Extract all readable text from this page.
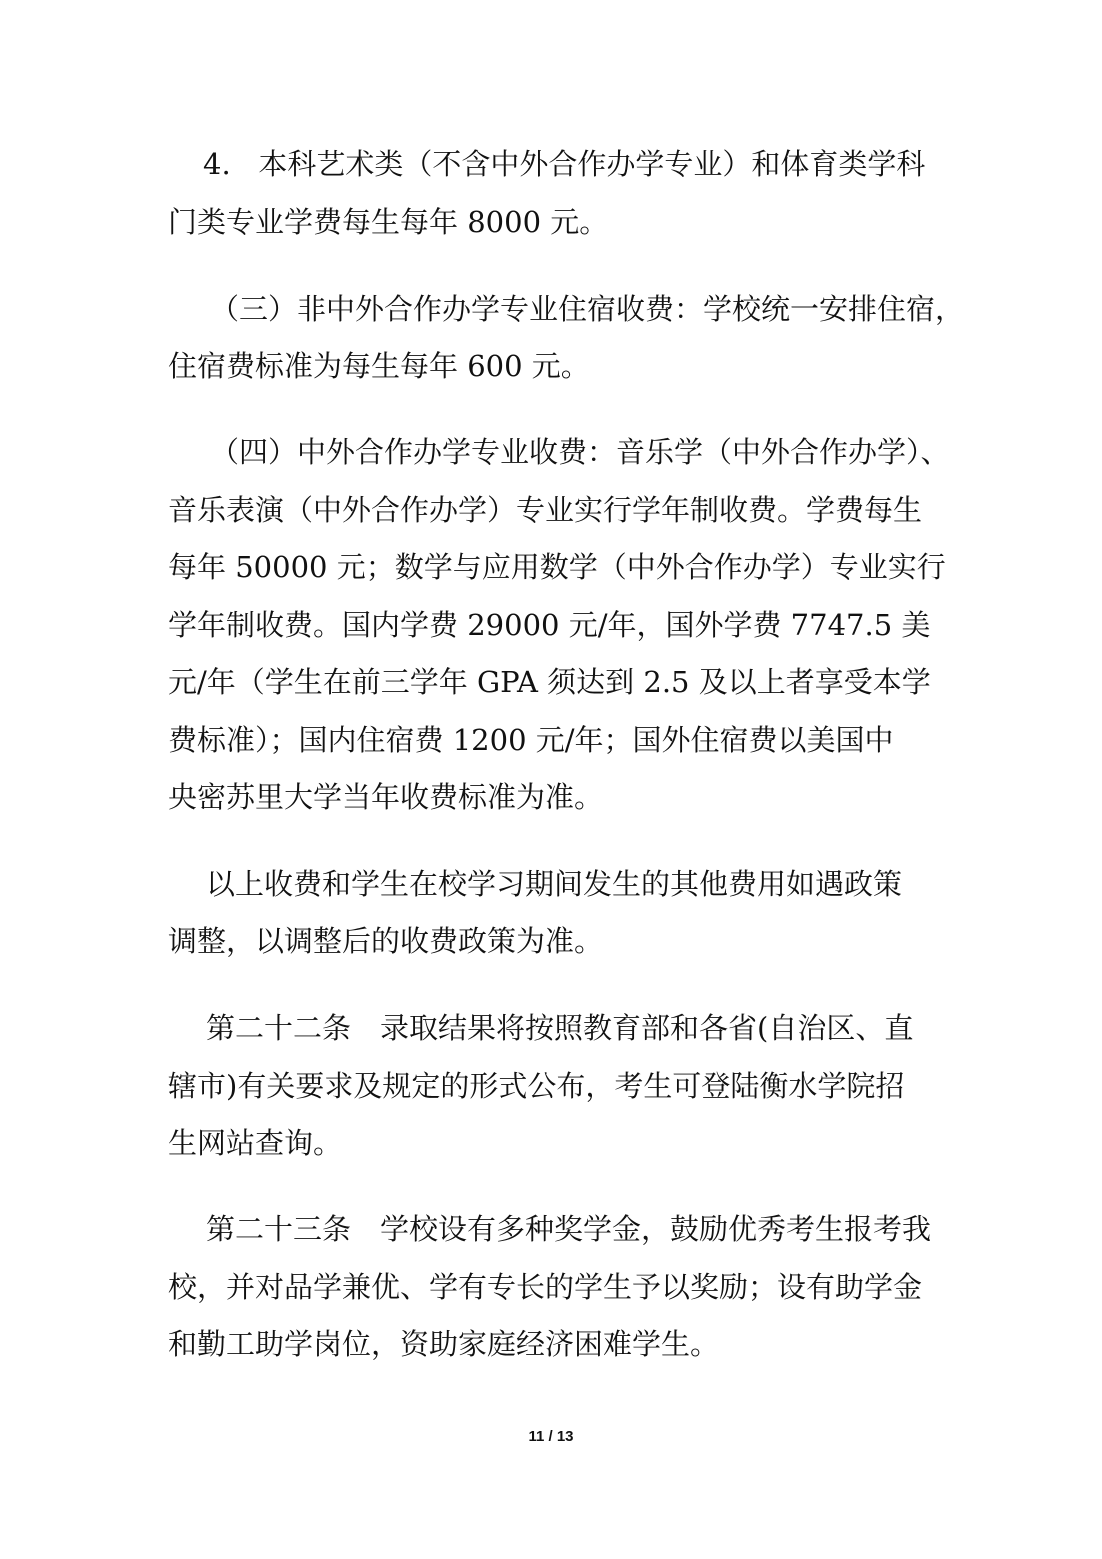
4.   本科艺术类（不含中外合作办学专业）和体育类学科
门类专业学费每生每年 8000 元。
（三）非中外合作办学专业住宿收费：学校统一安排住宿，
住宿费标准为每生每年 600 元。
（四）中外合作办学专业收费：音乐学（中外合作办学）、
音乐表演（中外合作办学）专业实行学年制收费。学费每生
每年 50000 元；数学与应用数学（中外合作办学）专业实行
学年制收费。国内学费 29000 元/年，国外学费 7747.5 美
元/年（学生在前三学年 GPA 须达到 2.5 及以上者享受本学
费标准）；国内住宿费 1200 元/年；国外住宿费以美国中
央密苏里大学当年收费标准为准。
以上收费和学生在校学习期间发生的其他费用如遇政策
调整，以调整后的收费政策为准。
第二十二条　录取结果将按照教育部和各省(自治区、直
辖市)有关要求及规定的形式公布，考生可登陆衡水学院招
生网站查询。
第二十三条　学校设有多种奖学金，鼓励优秀考生报考我
校，并对品学兼优、学有专长的学生予以奖励；设有助学金
和勤工助学岗位，资助家庭经济困难学生。
11 / 13
